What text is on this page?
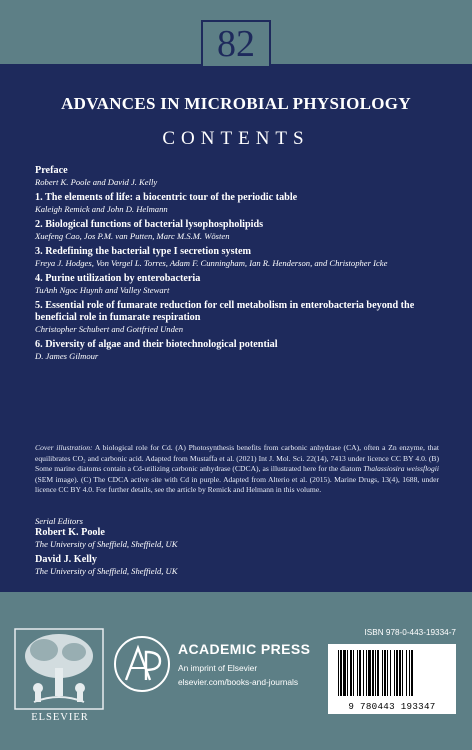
82
ADVANCES IN MICROBIAL PHYSIOLOGY
CONTENTS
Preface
Robert K. Poole and David J. Kelly
1. The elements of life: a biocentric tour of the periodic table
Kaleigh Remick and John D. Helmann
2. Biological functions of bacterial lysophospholipids
Xuefeng Cao, Jos P.M. van Putten, Marc M.S.M. Wösten
3. Redefining the bacterial type I secretion system
Freya J. Hodges, Von Vergel L. Torres, Adam F. Cunningham, Ian R. Henderson, and Christopher Icke
4. Purine utilization by enterobacteria
TuAnh Ngoc Huynh and Valley Stewart
5. Essential role of fumarate reduction for cell metabolism in enterobacteria beyond the beneficial role in fumarate respiration
Christopher Schubert and Gottfried Unden
6. Diversity of algae and their biotechnological potential
D. James Gilmour
Cover illustration: A biological role for Cd. (A) Photosynthesis benefits from carbonic anhydrase (CA), often a Zn enzyme, that equilibrates CO₂ and carbonic acid. Adapted from Mustaffa et al. (2021) Int J. Mol. Sci. 22(14), 7413 under licence CC BY 4.0. (B) Some marine diatoms contain a Cd-utilizing carbonic anhydrase (CDCA), as illustrated here for the diatom Thalassiosira weissflogii (SEM image). (C) The CDCA active site with Cd in purple. Adapted from Alterio et al. (2015). Marine Drugs, 13(4), 1688, under licence CC BY 4.0. For further details, see the article by Remick and Helmann in this volume.
Serial Editors
Robert K. Poole
The University of Sheffield, Sheffield, UK
David J. Kelly
The University of Sheffield, Sheffield, UK
ELSEVIER
ACADEMIC PRESS
An imprint of Elsevier
elsevier.com/books-and-journals
ISBN 978-0-443-19334-7
9 780443 193347
